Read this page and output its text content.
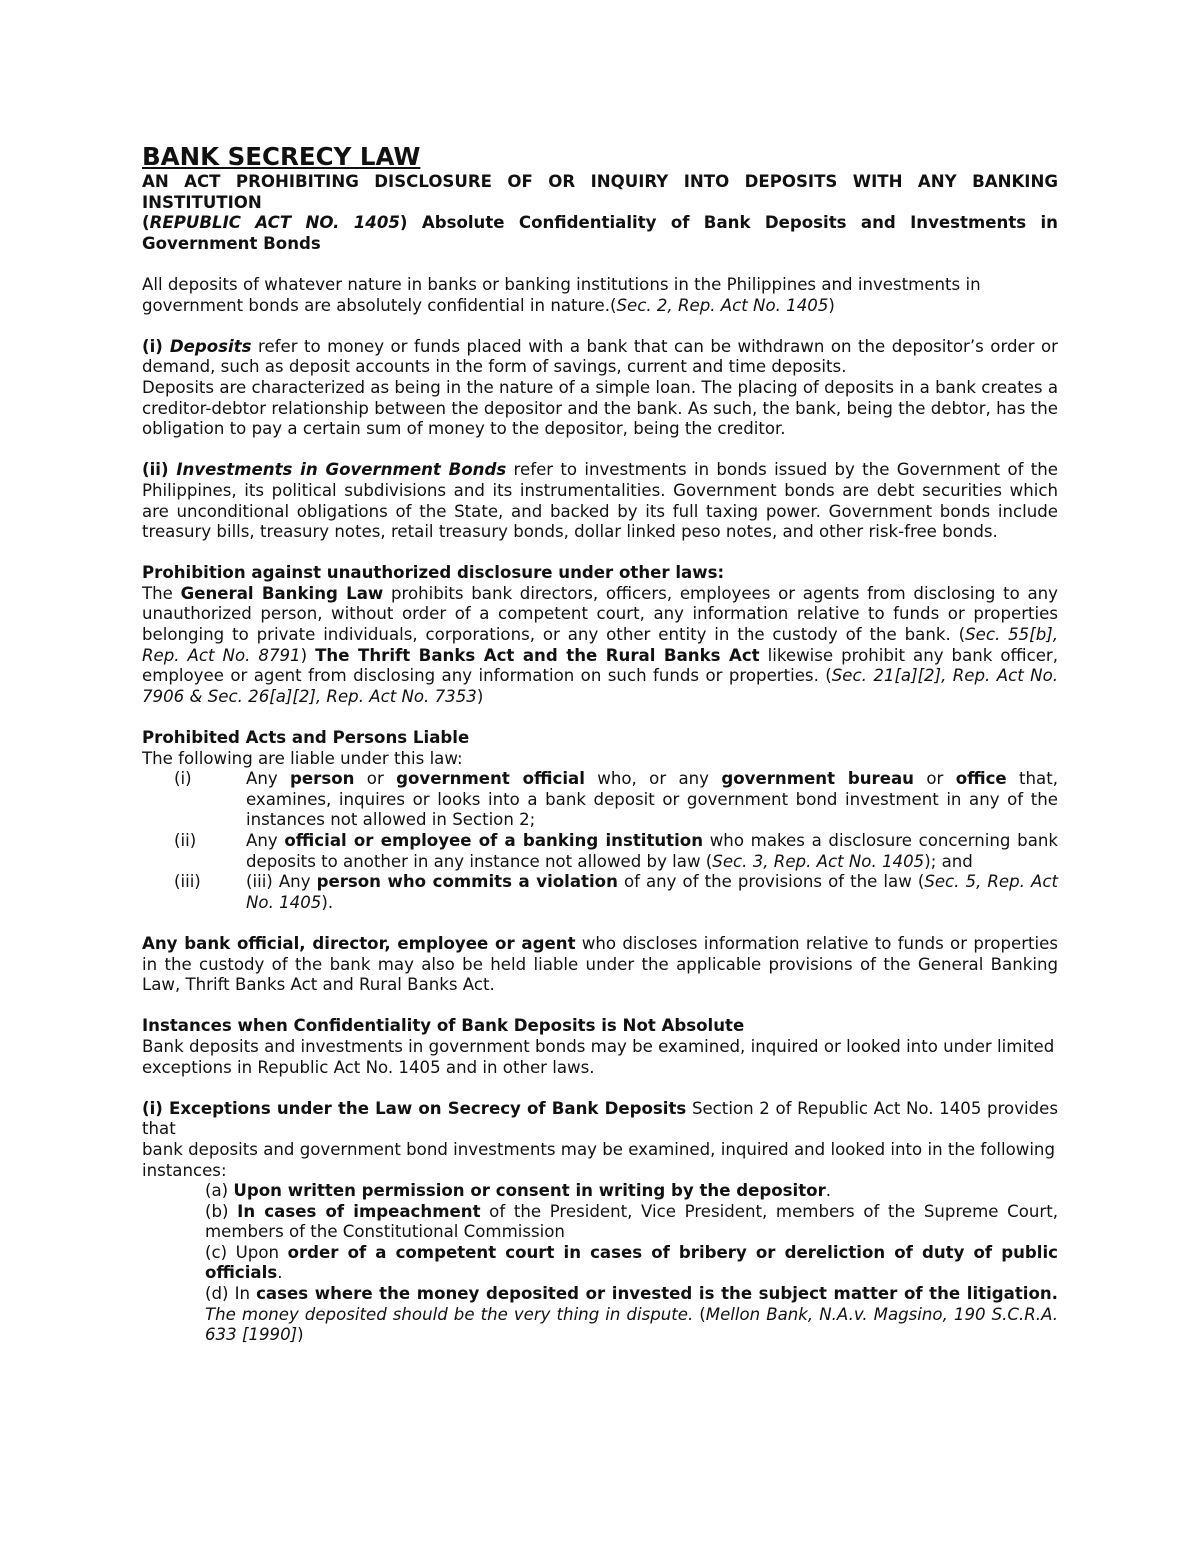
BANK SECRECY LAW

AN ACT PROHIBITING DISCLOSURE OF OR INQUIRY INTO DEPOSITS WITH ANY BANKING INSTITUTION

(REPUBLIC ACT NO. 1405) Absolute Confidentiality of Bank Deposits and Investments in Government Bonds

All deposits of whatever nature in banks or banking institutions in the Philippines and investments in government bonds are absolutely confidential in nature.(Sec. 2, Rep. Act No. 1405)

(i) Deposits refer to money or funds placed with a bank that can be withdrawn on the depositor’s order or demand, such as deposit accounts in the form of savings, current and time deposits.

Deposits are characterized as being in the nature of a simple loan. The placing of deposits in a bank creates a creditor-debtor relationship between the depositor and the bank. As such, the bank, being the debtor, has the obligation to pay a certain sum of money to the depositor, being the creditor.

(ii) Investments in Government Bonds refer to investments in bonds issued by the Government of the Philippines, its political subdivisions and its instrumentalities. Government bonds are debt securities which are unconditional obligations of the State, and backed by its full taxing power. Government bonds include treasury bills, treasury notes, retail treasury bonds, dollar linked peso notes, and other risk-free bonds.

Prohibition against unauthorized disclosure under other laws:

The General Banking Law prohibits bank directors, officers, employees or agents from disclosing to any unauthorized person, without order of a competent court, any information relative to funds or properties belonging to private individuals, corporations, or any other entity in the custody of the bank. (Sec. 55[b], Rep. Act No. 8791) The Thrift Banks Act and the Rural Banks Act likewise prohibit any bank officer, employee or agent from disclosing any information on such funds or properties. (Sec. 21[a][2], Rep. Act No. 7906 & Sec. 26[a][2], Rep. Act No. 7353)

Prohibited Acts and Persons Liable

The following are liable under this law:

(i)	Any person or government official who, or any government bureau or office that, examines, inquires or looks into a bank deposit or government bond investment in any of the instances not allowed in Section 2;
(ii)	Any official or employee of a banking institution who makes a disclosure concerning bank deposits to another in any instance not allowed by law (Sec. 3, Rep. Act No. 1405); and
(iii)	(iii) Any person who commits a violation of any of the provisions of the law (Sec. 5, Rep. Act No. 1405).

Any bank official, director, employee or agent who discloses information relative to funds or properties in the custody of the bank may also be held liable under the applicable provisions of the General Banking Law, Thrift Banks Act and Rural Banks Act.

Instances when Confidentiality of Bank Deposits is Not Absolute

Bank deposits and investments in government bonds may be examined, inquired or looked into under limited exceptions in Republic Act No. 1405 and in other laws.

(i) Exceptions under the Law on Secrecy of Bank Deposits Section 2 of Republic Act No. 1405 provides that

bank deposits and government bond investments may be examined, inquired and looked into in the following instances:

(a) Upon written permission or consent in writing by the depositor.

(b) In cases of impeachment of the President, Vice President, members of the Supreme Court, members of the Constitutional Commission

(c) Upon order of a competent court in cases of bribery or dereliction of duty of public officials.

(d) In cases where the money deposited or invested is the subject matter of the litigation. The money deposited should be the very thing in dispute. (Mellon Bank, N.A.v. Magsino, 190 S.C.R.A. 633 [1990])
